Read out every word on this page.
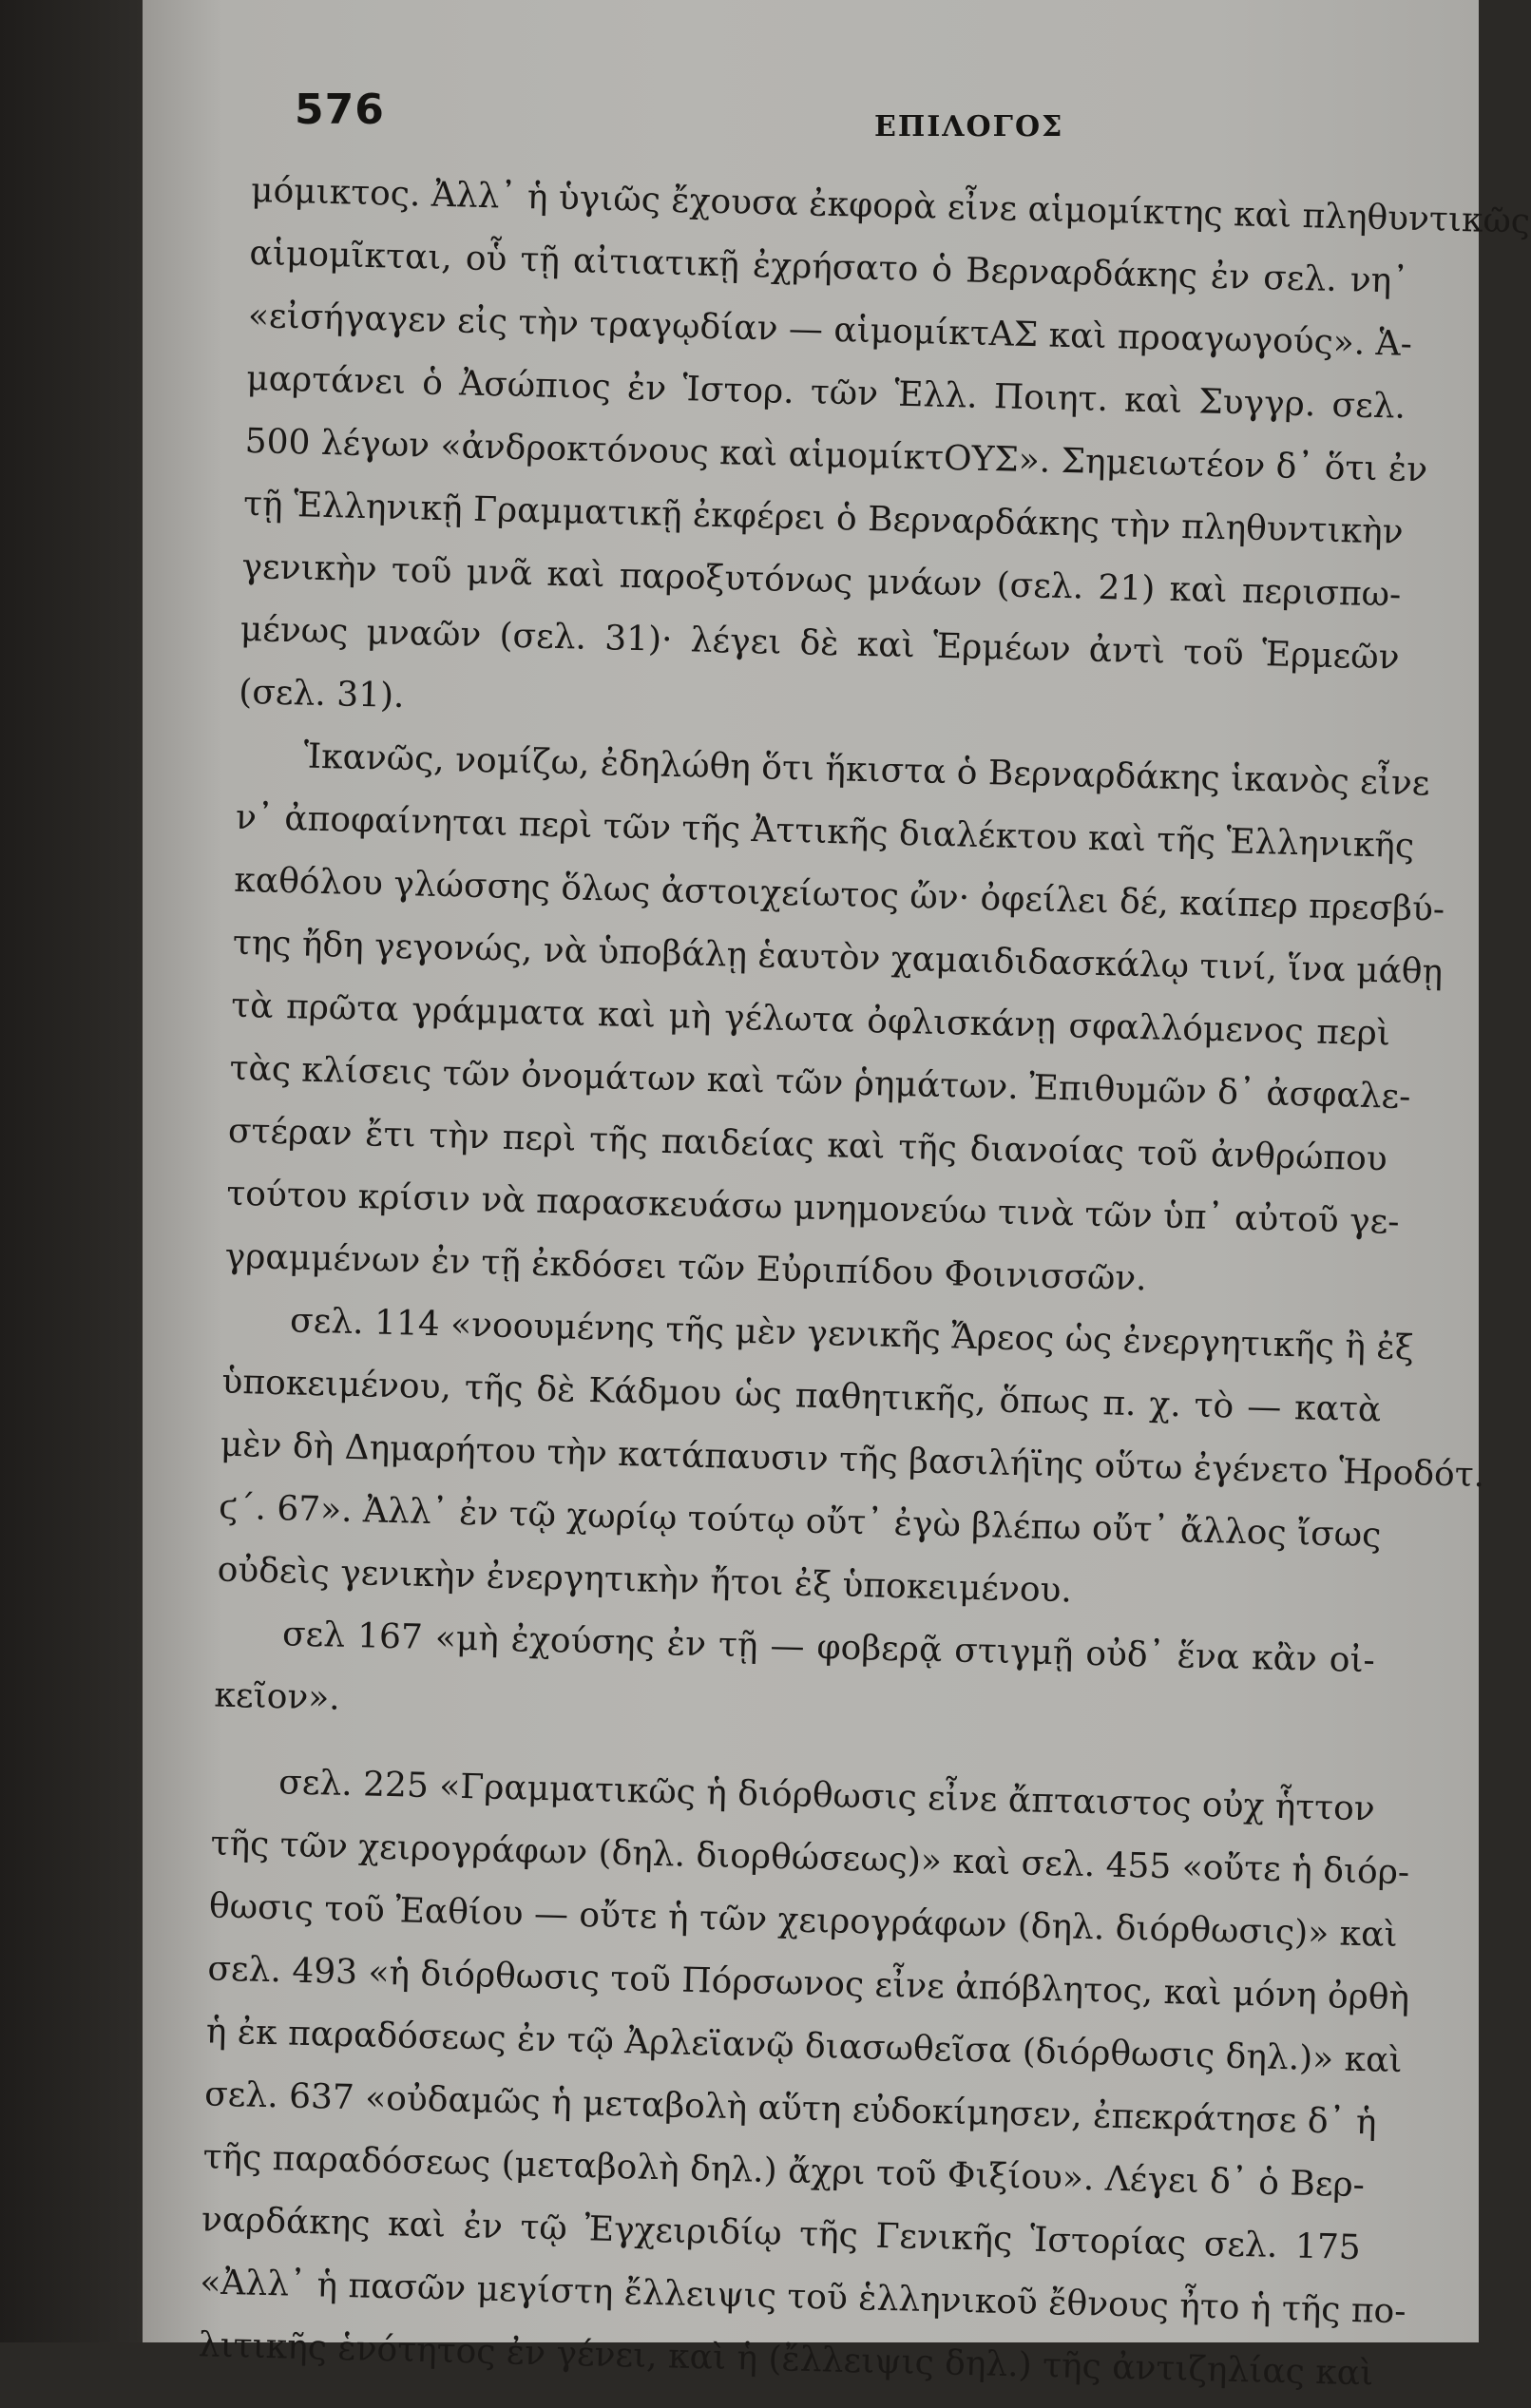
576	ΕΠΙΛΟΓΟΣ
μόμικτος. Ἀλλ᾽ ἡ ὑγιῶς ἔχουσα ἐκφορὰ εἶνε αἱμομίκτης καὶ πληθυντικῶς
αἱμομῖκται, οὗ τῇ αἰτιατικῇ ἐχρήσατο ὁ Βερναρδάκης ἐν σελ. νη᾽
«εἰσήγαγεν εἰς τὴν τραγῳδίαν — αἱμομίκτΑΣ καὶ προαγωγούς». Ἁ-
μαρτάνει ὁ Ἀσώπιος ἐν Ἱστορ. τῶν Ἑλλ. Ποιητ. καὶ Συγγρ. σελ.
500 λέγων «ἀνδροκτόνους καὶ αἱμομίκτΟΥΣ». Σημειωτέον δ᾽ ὅτι ἐν
τῇ Ἑλληνικῇ Γραμματικῇ ἐκφέρει ὁ Βερναρδάκης τὴν πληθυντικὴν
γενικὴν τοῦ μνᾶ καὶ παροξυτόνως μνάων (σελ. 21) καὶ περισπω-
μένως μναῶν (σελ. 31)· λέγει δὲ καὶ Ἑρμέων ἀντὶ τοῦ Ἑρμεῶν
(σελ. 31).
Ἱκανῶς, νομίζω, ἐδηλώθη ὅτι ἥκιστα ὁ Βερναρδάκης ἱκανὸς εἶνε
ν᾽ ἀποφαίνηται περὶ τῶν τῆς Ἀττικῆς διαλέκτου καὶ τῆς Ἑλληνικῆς
καθόλου γλώσσης ὅλως ἀστοιχείωτος ὤν· ὀφείλει δέ, καίπερ πρεσβύ-
της ἤδη γεγονώς, νὰ ὑποβάλῃ ἑαυτὸν χαμαιδιδασκάλῳ τινί, ἵνα μάθῃ
τὰ πρῶτα γράμματα καὶ μὴ γέλωτα ὀφλισκάνῃ σφαλλόμενος περὶ
τὰς κλίσεις τῶν ὀνομάτων καὶ τῶν ῥημάτων. Ἐπιθυμῶν δ᾽ ἀσφαλε-
στέραν ἔτι τὴν περὶ τῆς παιδείας καὶ τῆς διανοίας τοῦ ἀνθρώπου
τούτου κρίσιν νὰ παρασκευάσω μνημονεύω τινὰ τῶν ὑπ᾽ αὐτοῦ γε-
γραμμένων ἐν τῇ ἐκδόσει τῶν Εὐριπίδου Φοινισσῶν.
σελ. 114 «νοουμένης τῆς μὲν γενικῆς Ἄρεος ὡς ἐνεργητικῆς ἢ ἐξ
ὑποκειμένου, τῆς δὲ Κάδμου ὡς παθητικῆς, ὅπως π. χ. τὸ — κατὰ
μὲν δὴ Δημαρήτου τὴν κατάπαυσιν τῆς βασιλήϊης οὕτω ἐγένετο Ἡροδότ.
ϛ΄. 67». Ἀλλ᾽ ἐν τῷ χωρίῳ τούτῳ οὔτ᾽ ἐγὼ βλέπω οὔτ᾽ ἄλλος ἴσως
οὐδεὶς γενικὴν ἐνεργητικὴν ἤτοι ἐξ ὑποκειμένου.
σελ 167 «μὴ ἐχούσης ἐν τῇ — φοβερᾷ στιγμῇ οὐδ᾽ ἕνα κἂν οἰ-
κεῖον».
σελ. 225 «Γραμματικῶς ἡ διόρθωσις εἶνε ἄπταιστος οὐχ ἧττον
τῆς τῶν χειρογράφων (δηλ. διορθώσεως)» καὶ σελ. 455 «οὔτε ἡ διόρ-
θωσις τοῦ Ἐαθίου — οὔτε ἡ τῶν χειρογράφων (δηλ. διόρθωσις)» καὶ
σελ. 493 «ἡ διόρθωσις τοῦ Πόρσωνος εἶνε ἀπόβλητος, καὶ μόνη ὀρθὴ
ἡ ἐκ παραδόσεως ἐν τῷ Ἀρλεϊανῷ διασωθεῖσα (διόρθωσις δηλ.)» καὶ
σελ. 637 «οὐδαμῶς ἡ μεταβολὴ αὕτη εὐδοκίμησεν, ἐπεκράτησε δ᾽ ἡ
τῆς παραδόσεως (μεταβολὴ δηλ.) ἄχρι τοῦ Φιξίου». Λέγει δ᾽ ὁ Βερ-
ναρδάκης καὶ ἐν τῷ Ἐγχειριδίῳ τῆς Γενικῆς Ἱστορίας σελ. 175
«Ἀλλ᾽ ἡ πασῶν μεγίστη ἔλλειψις τοῦ ἑλληνικοῦ ἔθνους ἦτο ἡ τῆς πο-
λιτικῆς ἑνότητος ἐν γένει, καὶ ἡ (ἔλλειψις δηλ.) τῆς ἀντιζηλίας καὶ
